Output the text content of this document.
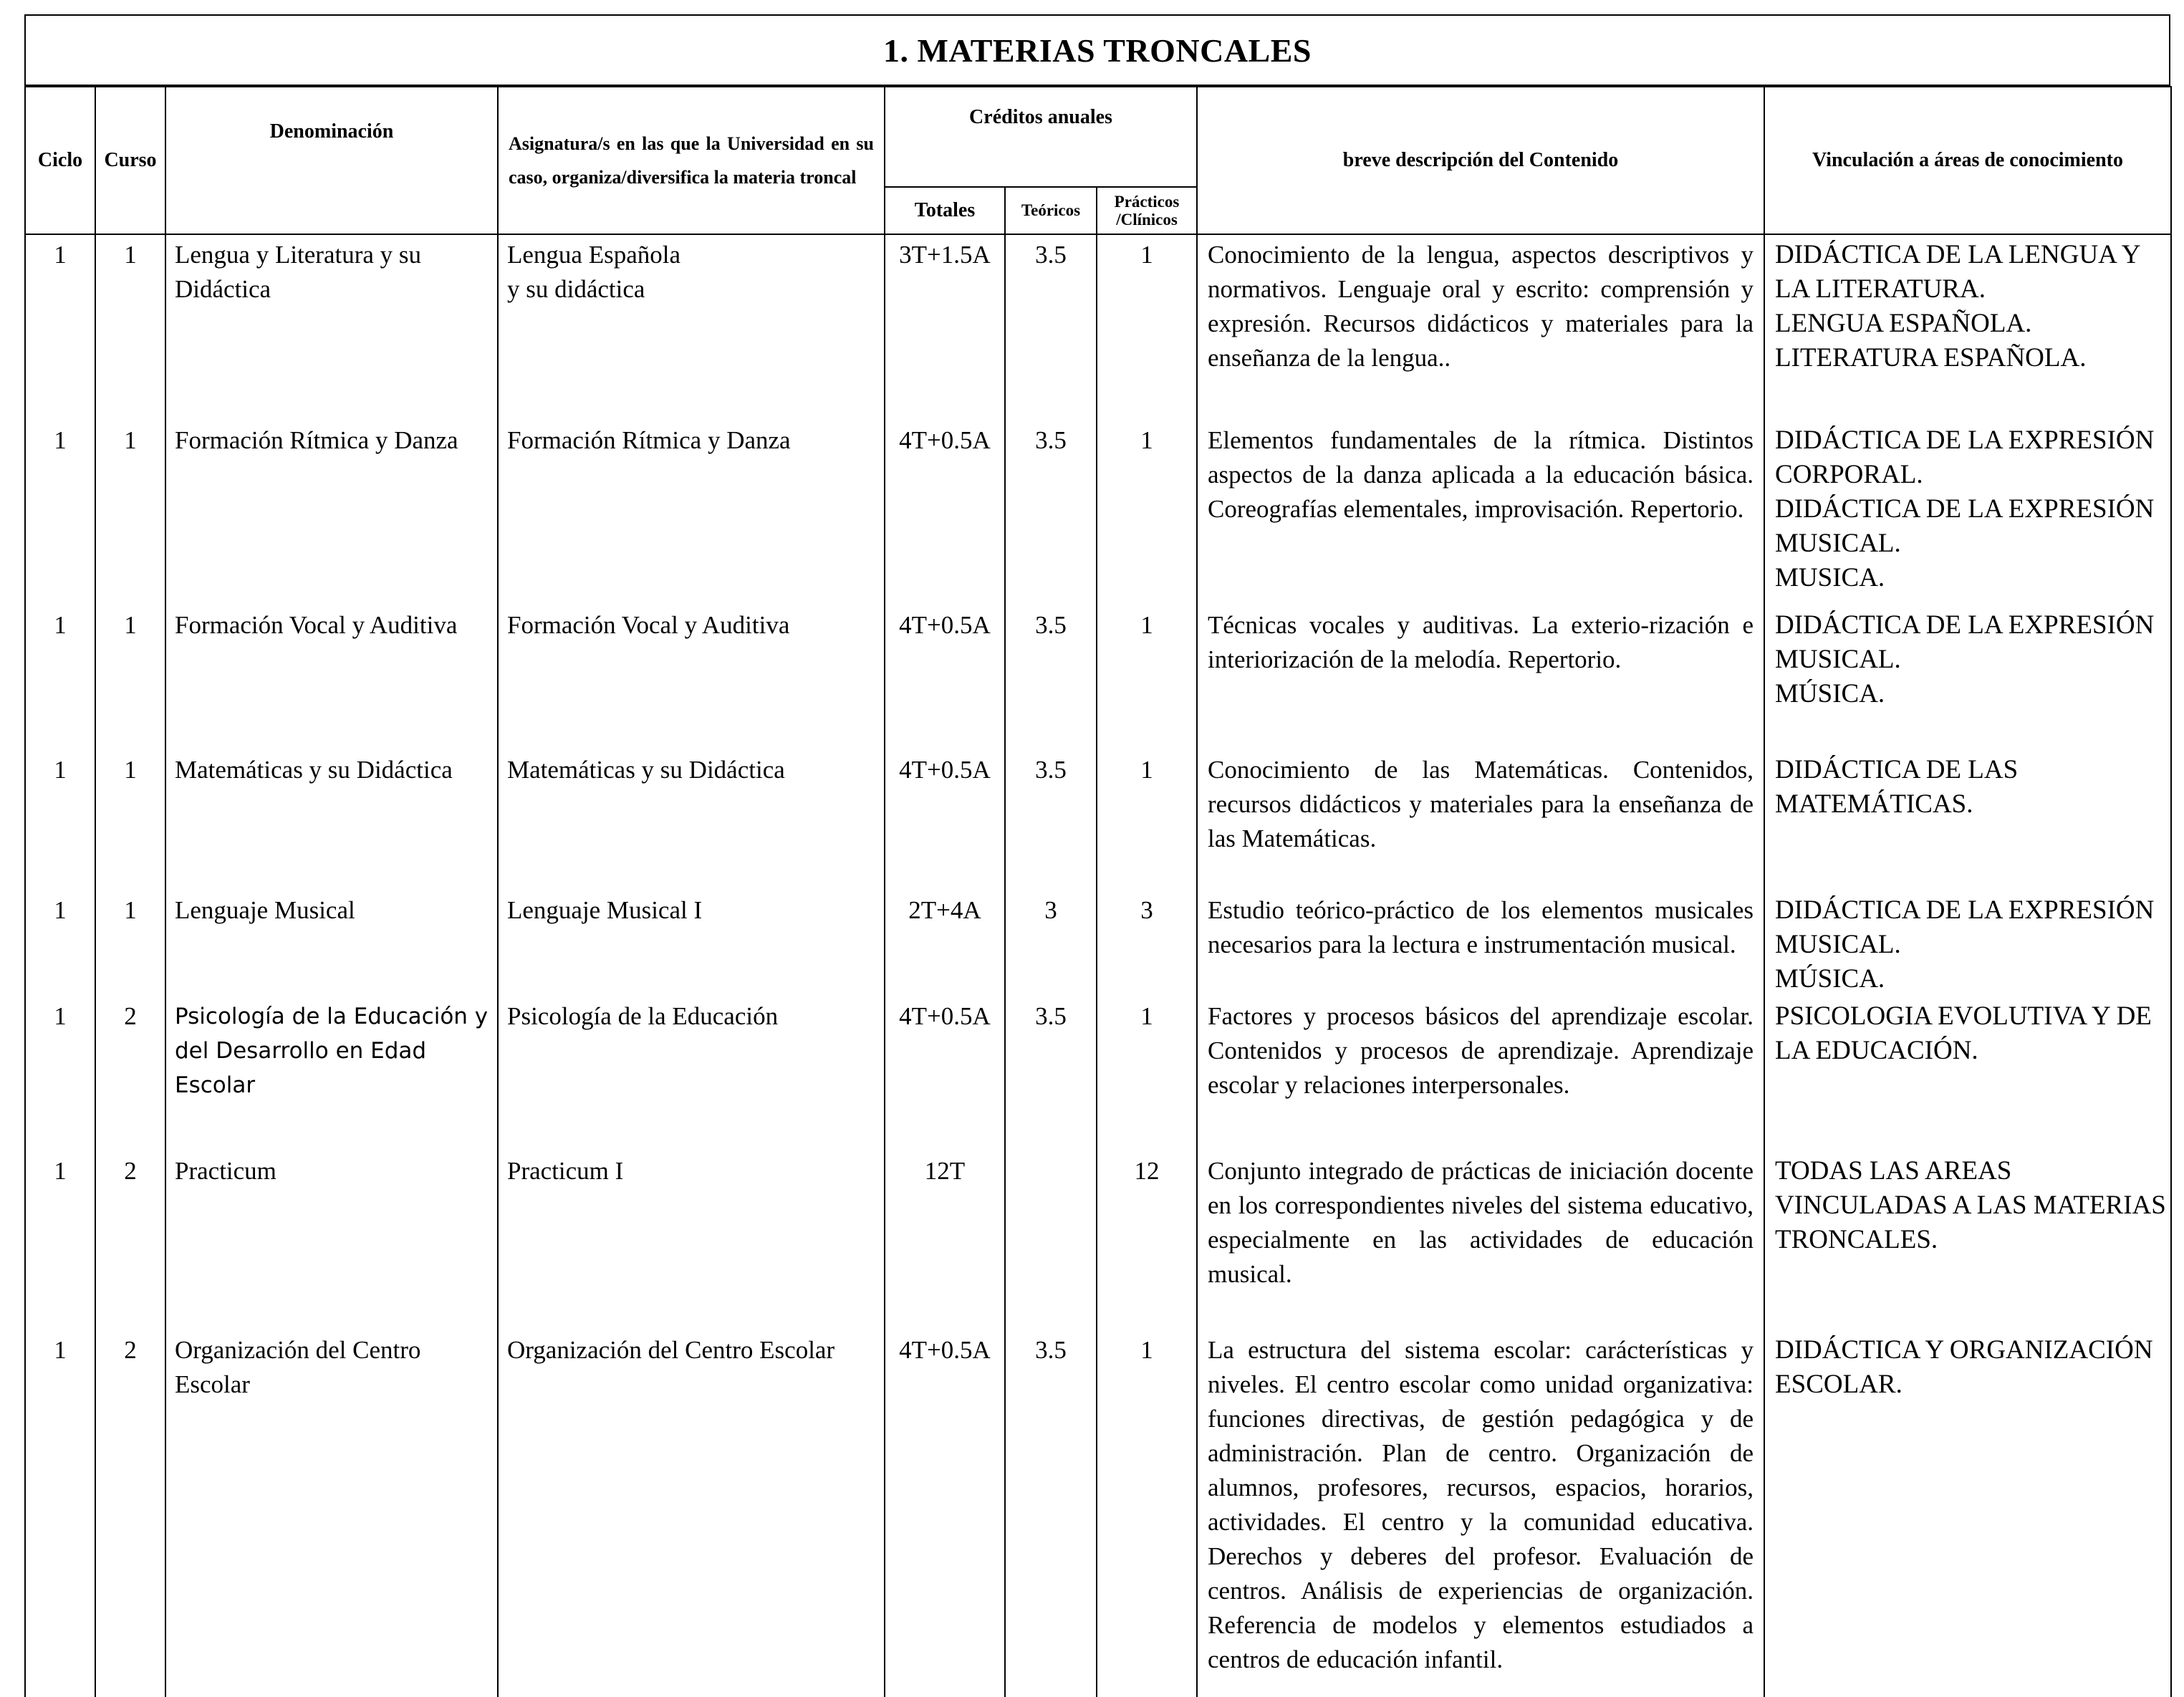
1. MATERIAS TRONCALES
Ciclo	Curso	Denominación	Asignatura/s en las que la Universidad en su caso, organiza/diversifica la materia troncal	Créditos anuales			breve descripción del Contenido	Vinculación a áreas de conocimiento
				Totales	Teóricos	Prácticos /Clínicos		
1	1	Lengua y Literatura y su Didáctica	Lengua Española
y su didáctica	3T+1.5A	3.5	1	Conocimiento de la lengua, aspectos descriptivos y normativos. Lenguaje oral y escrito: comprensión y expresión. Recursos didácticos y materiales para la enseñanza de la lengua..	DIDÁCTICA DE LA LENGUA Y LA LITERATURA.
LENGUA ESPAÑOLA.
LITERATURA ESPAÑOLA.
1	1	Formación Rítmica y Danza	Formación Rítmica y Danza	4T+0.5A	3.5	1	Elementos fundamentales de la rítmica. Distintos aspectos de la danza aplicada a la educación básica. Coreografías elementales, improvisación. Repertorio.	DIDÁCTICA DE LA EXPRESIÓN CORPORAL.
DIDÁCTICA DE LA EXPRESIÓN MUSICAL.
MUSICA.
1	1	Formación Vocal y Auditiva	Formación Vocal y Auditiva	4T+0.5A	3.5	1	Técnicas vocales y auditivas. La exterio-rización e interiorización de la melodía. Repertorio.	DIDÁCTICA DE LA EXPRESIÓN MUSICAL.
MÚSICA.
1	1	Matemáticas y su Didáctica	Matemáticas y su Didáctica	4T+0.5A	3.5	1	Conocimiento de las Matemáticas. Contenidos, recursos didácticos y materiales para la enseñanza de las Matemáticas.	DIDÁCTICA DE LAS MATEMÁTICAS.
1	1	Lenguaje Musical	Lenguaje Musical I	2T+4A	3	3	Estudio teórico-práctico de los elementos musicales necesarios para la lectura e instrumentación musical.	DIDÁCTICA DE LA EXPRESIÓN MUSICAL.
MÚSICA.
1	2	Psicología de la Educación y del Desarrollo en Edad Escolar	Psicología de la Educación	4T+0.5A	3.5	1	Factores y procesos básicos del aprendizaje escolar. Contenidos y procesos de aprendizaje. Aprendizaje escolar y relaciones interpersonales.	PSICOLOGIA EVOLUTIVA Y DE LA EDUCACIÓN.
1	2	Practicum	Practicum I	12T		12	Conjunto integrado de prácticas de iniciación docente en los correspondientes niveles del sistema educativo, especialmente en las actividades de educación musical.	TODAS LAS AREAS VINCULADAS A LAS MATERIAS TRONCALES.
1	2	Organización del Centro Escolar	Organización del Centro Escolar	4T+0.5A	3.5	1	La estructura del sistema escolar: carácterísticas y niveles. El centro escolar como unidad organizativa: funciones directivas, de gestión pedagógica y de administración. Plan de centro. Organización de alumnos, profesores, recursos, espacios, horarios, actividades. El centro y la comunidad educativa. Derechos y deberes del profesor. Evaluación de centros. Análisis de experiencias de organización. Referencia de modelos y elementos estudiados a centros de educación infantil.	DIDÁCTICA Y ORGANIZACIÓN ESCOLAR.
